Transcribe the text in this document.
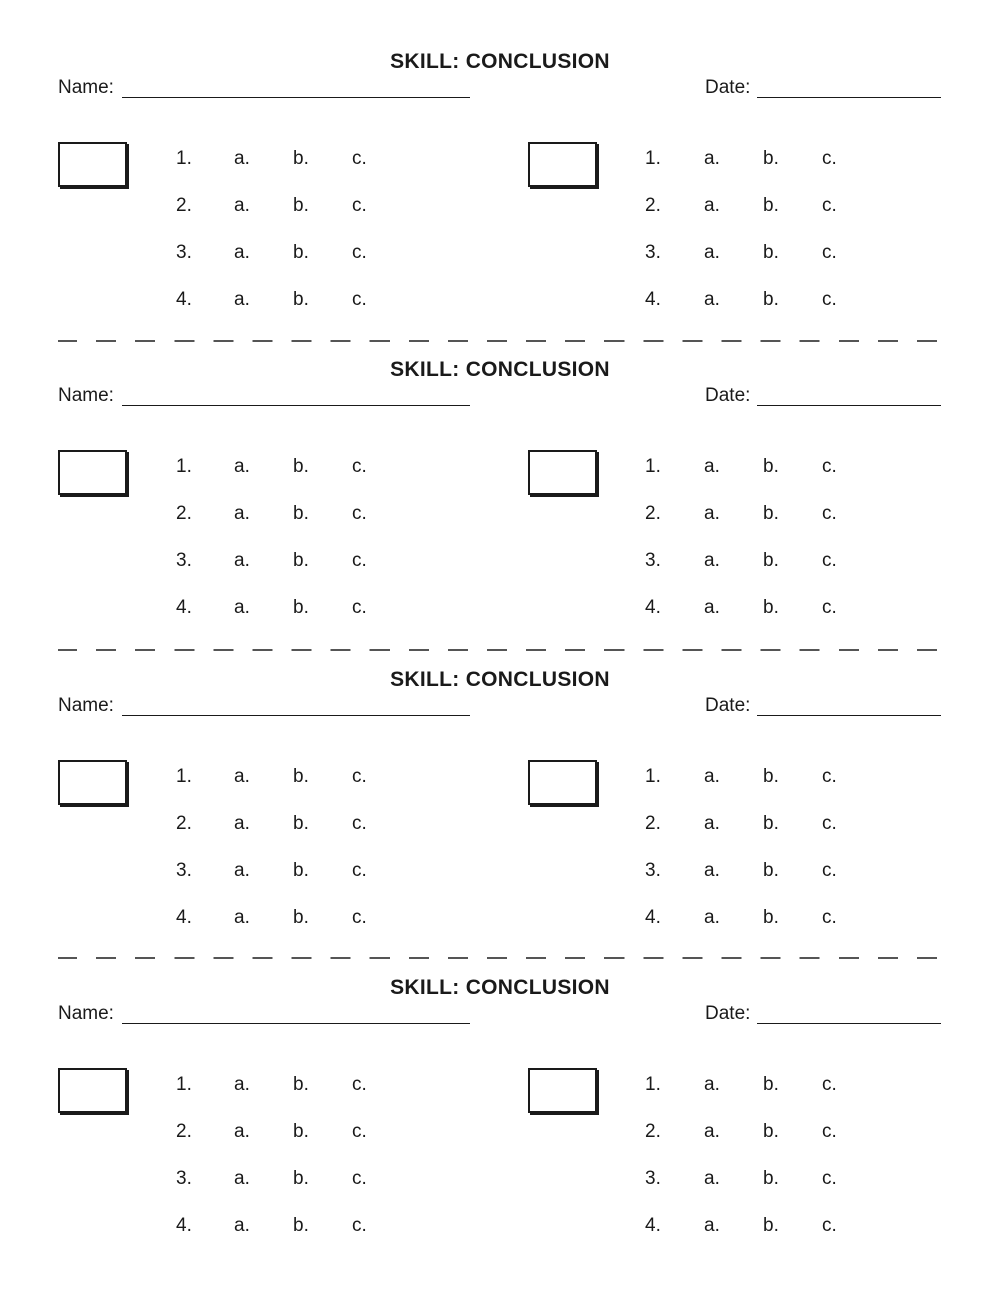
SKILL: CONCLUSION
Name:	Date:
1. a. b. c.
2. a. b. c.
3. a. b. c.
4. a. b. c.
1. a. b. c.
2. a. b. c.
3. a. b. c.
4. a. b. c.
SKILL: CONCLUSION
Name:	Date:
1. a. b. c.
2. a. b. c.
3. a. b. c.
4. a. b. c.
1. a. b. c.
2. a. b. c.
3. a. b. c.
4. a. b. c.
SKILL: CONCLUSION
Name:	Date:
1. a. b. c.
2. a. b. c.
3. a. b. c.
4. a. b. c.
1. a. b. c.
2. a. b. c.
3. a. b. c.
4. a. b. c.
SKILL: CONCLUSION
Name:	Date:
1. a. b. c.
2. a. b. c.
3. a. b. c.
4. a. b. c.
1. a. b. c.
2. a. b. c.
3. a. b. c.
4. a. b. c.
